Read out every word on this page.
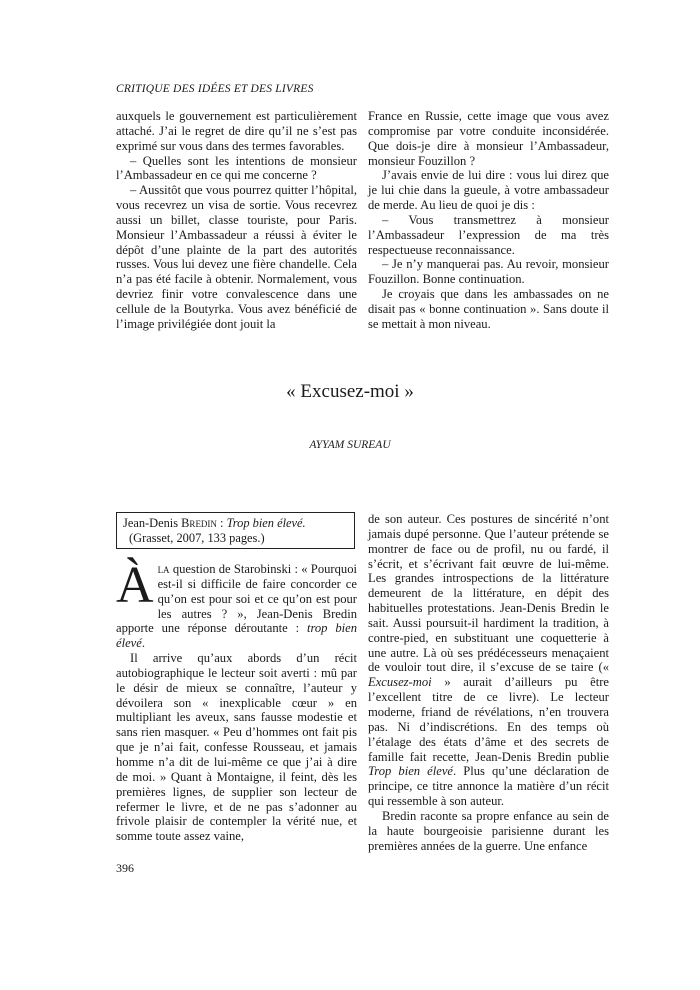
CRITIQUE DES IDÉES ET DES LIVRES

auxquels le gouvernement est particulièrement attaché. J’ai le regret de dire qu’il ne s’est pas exprimé sur vous dans des termes favorables.

– Quelles sont les intentions de monsieur l’Ambassadeur en ce qui me concerne ?

– Aussitôt que vous pourrez quitter l’hôpital, vous recevrez un visa de sortie. Vous recevrez aussi un billet, classe touriste, pour Paris. Monsieur l’Ambassadeur a réussi à éviter le dépôt d’une plainte de la part des autorités russes. Vous lui devez une fière chandelle. Cela n’a pas été facile à obtenir. Normalement, vous devriez finir votre convalescence dans une cellule de la Boutyrka. Vous avez bénéficié de l’image privilégiée dont jouit la

France en Russie, cette image que vous avez compromise par votre conduite inconsidérée. Que dois-je dire à monsieur l’Ambassadeur, monsieur Fouzillon ?

J’avais envie de lui dire : vous lui direz que je lui chie dans la gueule, à votre ambassadeur de merde. Au lieu de quoi je dis :

– Vous transmettrez à monsieur l’Ambassadeur l’expression de ma très respectueuse reconnaissance.

– Je n’y manquerai pas. Au revoir, monsieur Fouzillon. Bonne continuation.

Je croyais que dans les ambassades on ne disait pas « bonne continuation ». Sans doute il se mettait à mon niveau.

« Excusez-moi »
AYYAM SUREAU
Jean-Denis Bredin : Trop bien élevé.
(Grasset, 2007, 133 pages.)

Àla question de Starobinski : « Pourquoi est-il si difficile de faire concorder ce qu’on est pour soi et ce qu’on est pour les autres ? », Jean-Denis Bredin apporte une réponse déroutante : trop bien élevé.

Il arrive qu’aux abords d’un récit autobiographique le lecteur soit averti : mû par le désir de mieux se connaître, l’auteur y dévoilera son « inexplicable cœur » en multipliant les aveux, sans fausse modestie et sans rien masquer. « Peu d’hommes ont fait pis que je n’ai fait, confesse Rousseau, et jamais homme n’a dit de lui-même ce que j’ai à dire de moi. » Quant à Montaigne, il feint, dès les premières lignes, de supplier son lecteur de refermer le livre, et de ne pas s’adonner au frivole plaisir de contempler la vérité nue, et somme toute assez vaine,

de son auteur. Ces postures de sincérité n’ont jamais dupé personne. Que l’auteur prétende se montrer de face ou de profil, nu ou fardé, il s’écrit, et s’écrivant fait œuvre de lui-même. Les grandes introspections de la littérature demeurent de la littérature, en dépit des habituelles protestations. Jean-Denis Bredin le sait. Aussi poursuit-il hardiment la tradition, à contre-pied, en substituant une coquetterie à une autre. Là où ses prédécesseurs menaçaient de vouloir tout dire, il s’excuse de se taire (« Excusez-moi » aurait d’ailleurs pu être l’excellent titre de ce livre). Le lecteur moderne, friand de révélations, n’en trouvera pas. Ni d’indiscrétions. En des temps où l’étalage des états d’âme et des secrets de famille fait recette, Jean-Denis Bredin publie Trop bien élevé. Plus qu’une déclaration de principe, ce titre annonce la matière d’un récit qui ressemble à son auteur.

Bredin raconte sa propre enfance au sein de la haute bourgeoisie parisienne durant les premières années de la guerre. Une enfance

396
